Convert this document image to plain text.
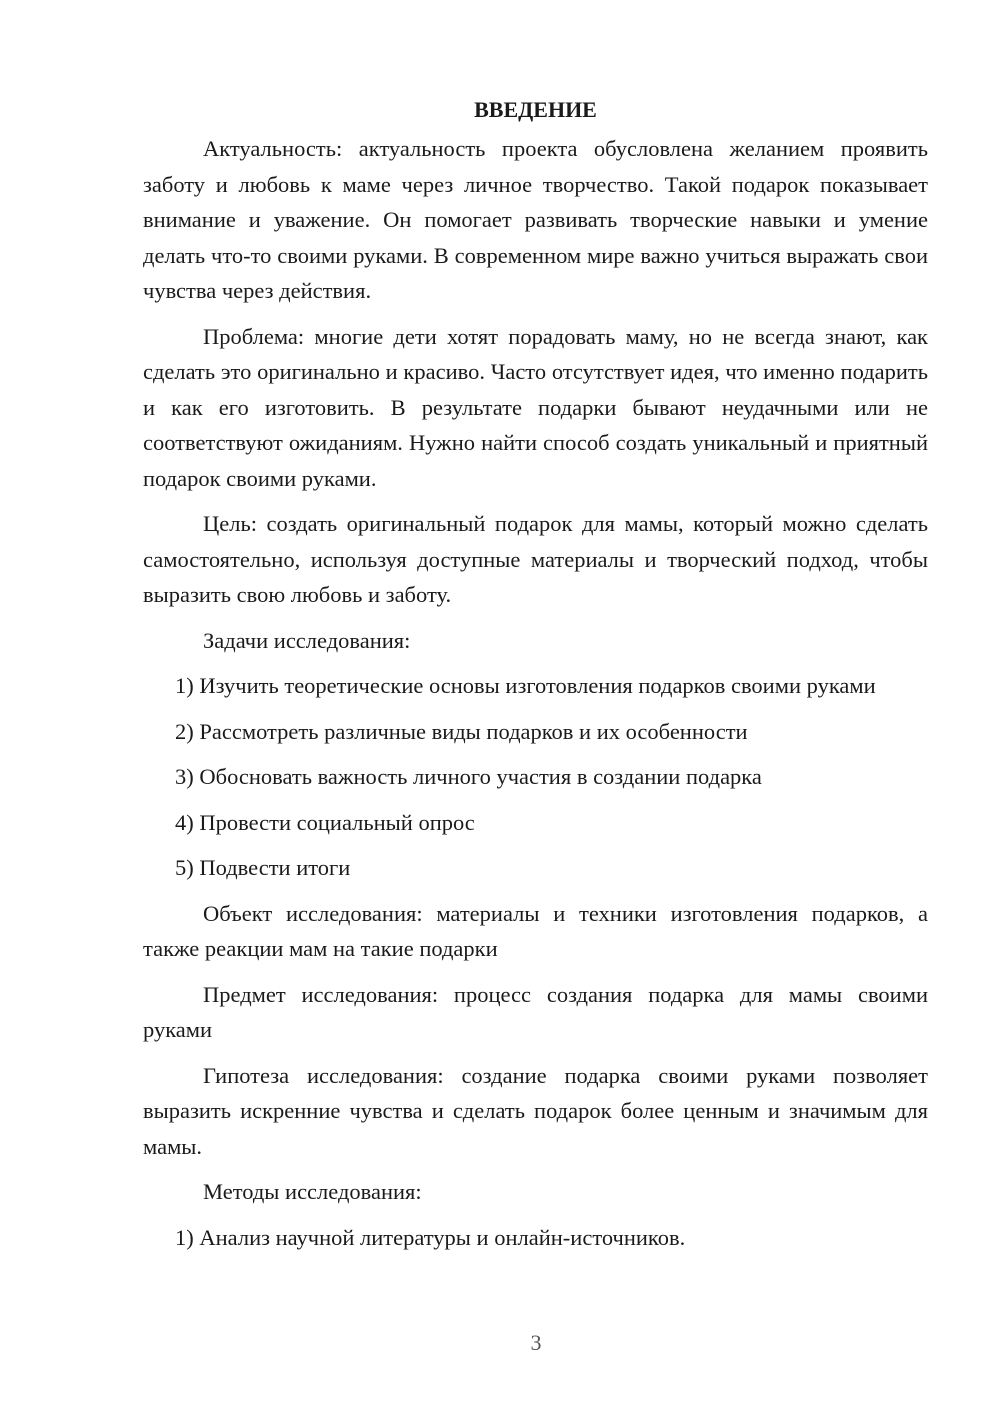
ВВЕДЕНИЕ

Актуальность: актуальность проекта обусловлена желанием проявить заботу и любовь к маме через личное творчество. Такой подарок показывает внимание и уважение. Он помогает развивать творческие навыки и умение делать что-то своими руками. В современном мире важно учиться выражать свои чувства через действия.

Проблема: многие дети хотят порадовать маму, но не всегда знают, как сделать это оригинально и красиво. Часто отсутствует идея, что именно подарить и как его изготовить. В результате подарки бывают неудачными или не соответствуют ожиданиям. Нужно найти способ создать уникальный и приятный подарок своими руками.

Цель: создать оригинальный подарок для мамы, который можно сделать самостоятельно, используя доступные материалы и творческий подход, чтобы выразить свою любовь и заботу.

Задачи исследования:

1) Изучить теоретические основы изготовления подарков своими руками

2) Рассмотреть различные виды подарков и их особенности

3) Обосновать важность личного участия в создании подарка

4) Провести социальный опрос

5) Подвести итоги

Объект исследования: материалы и техники изготовления подарков, а также реакции мам на такие подарки

Предмет исследования: процесс создания подарка для мамы своими руками

Гипотеза исследования: создание подарка своими руками позволяет выразить искренние чувства и сделать подарок более ценным и значимым для мамы.

Методы исследования:

1) Анализ научной литературы и онлайн-источников.

3
